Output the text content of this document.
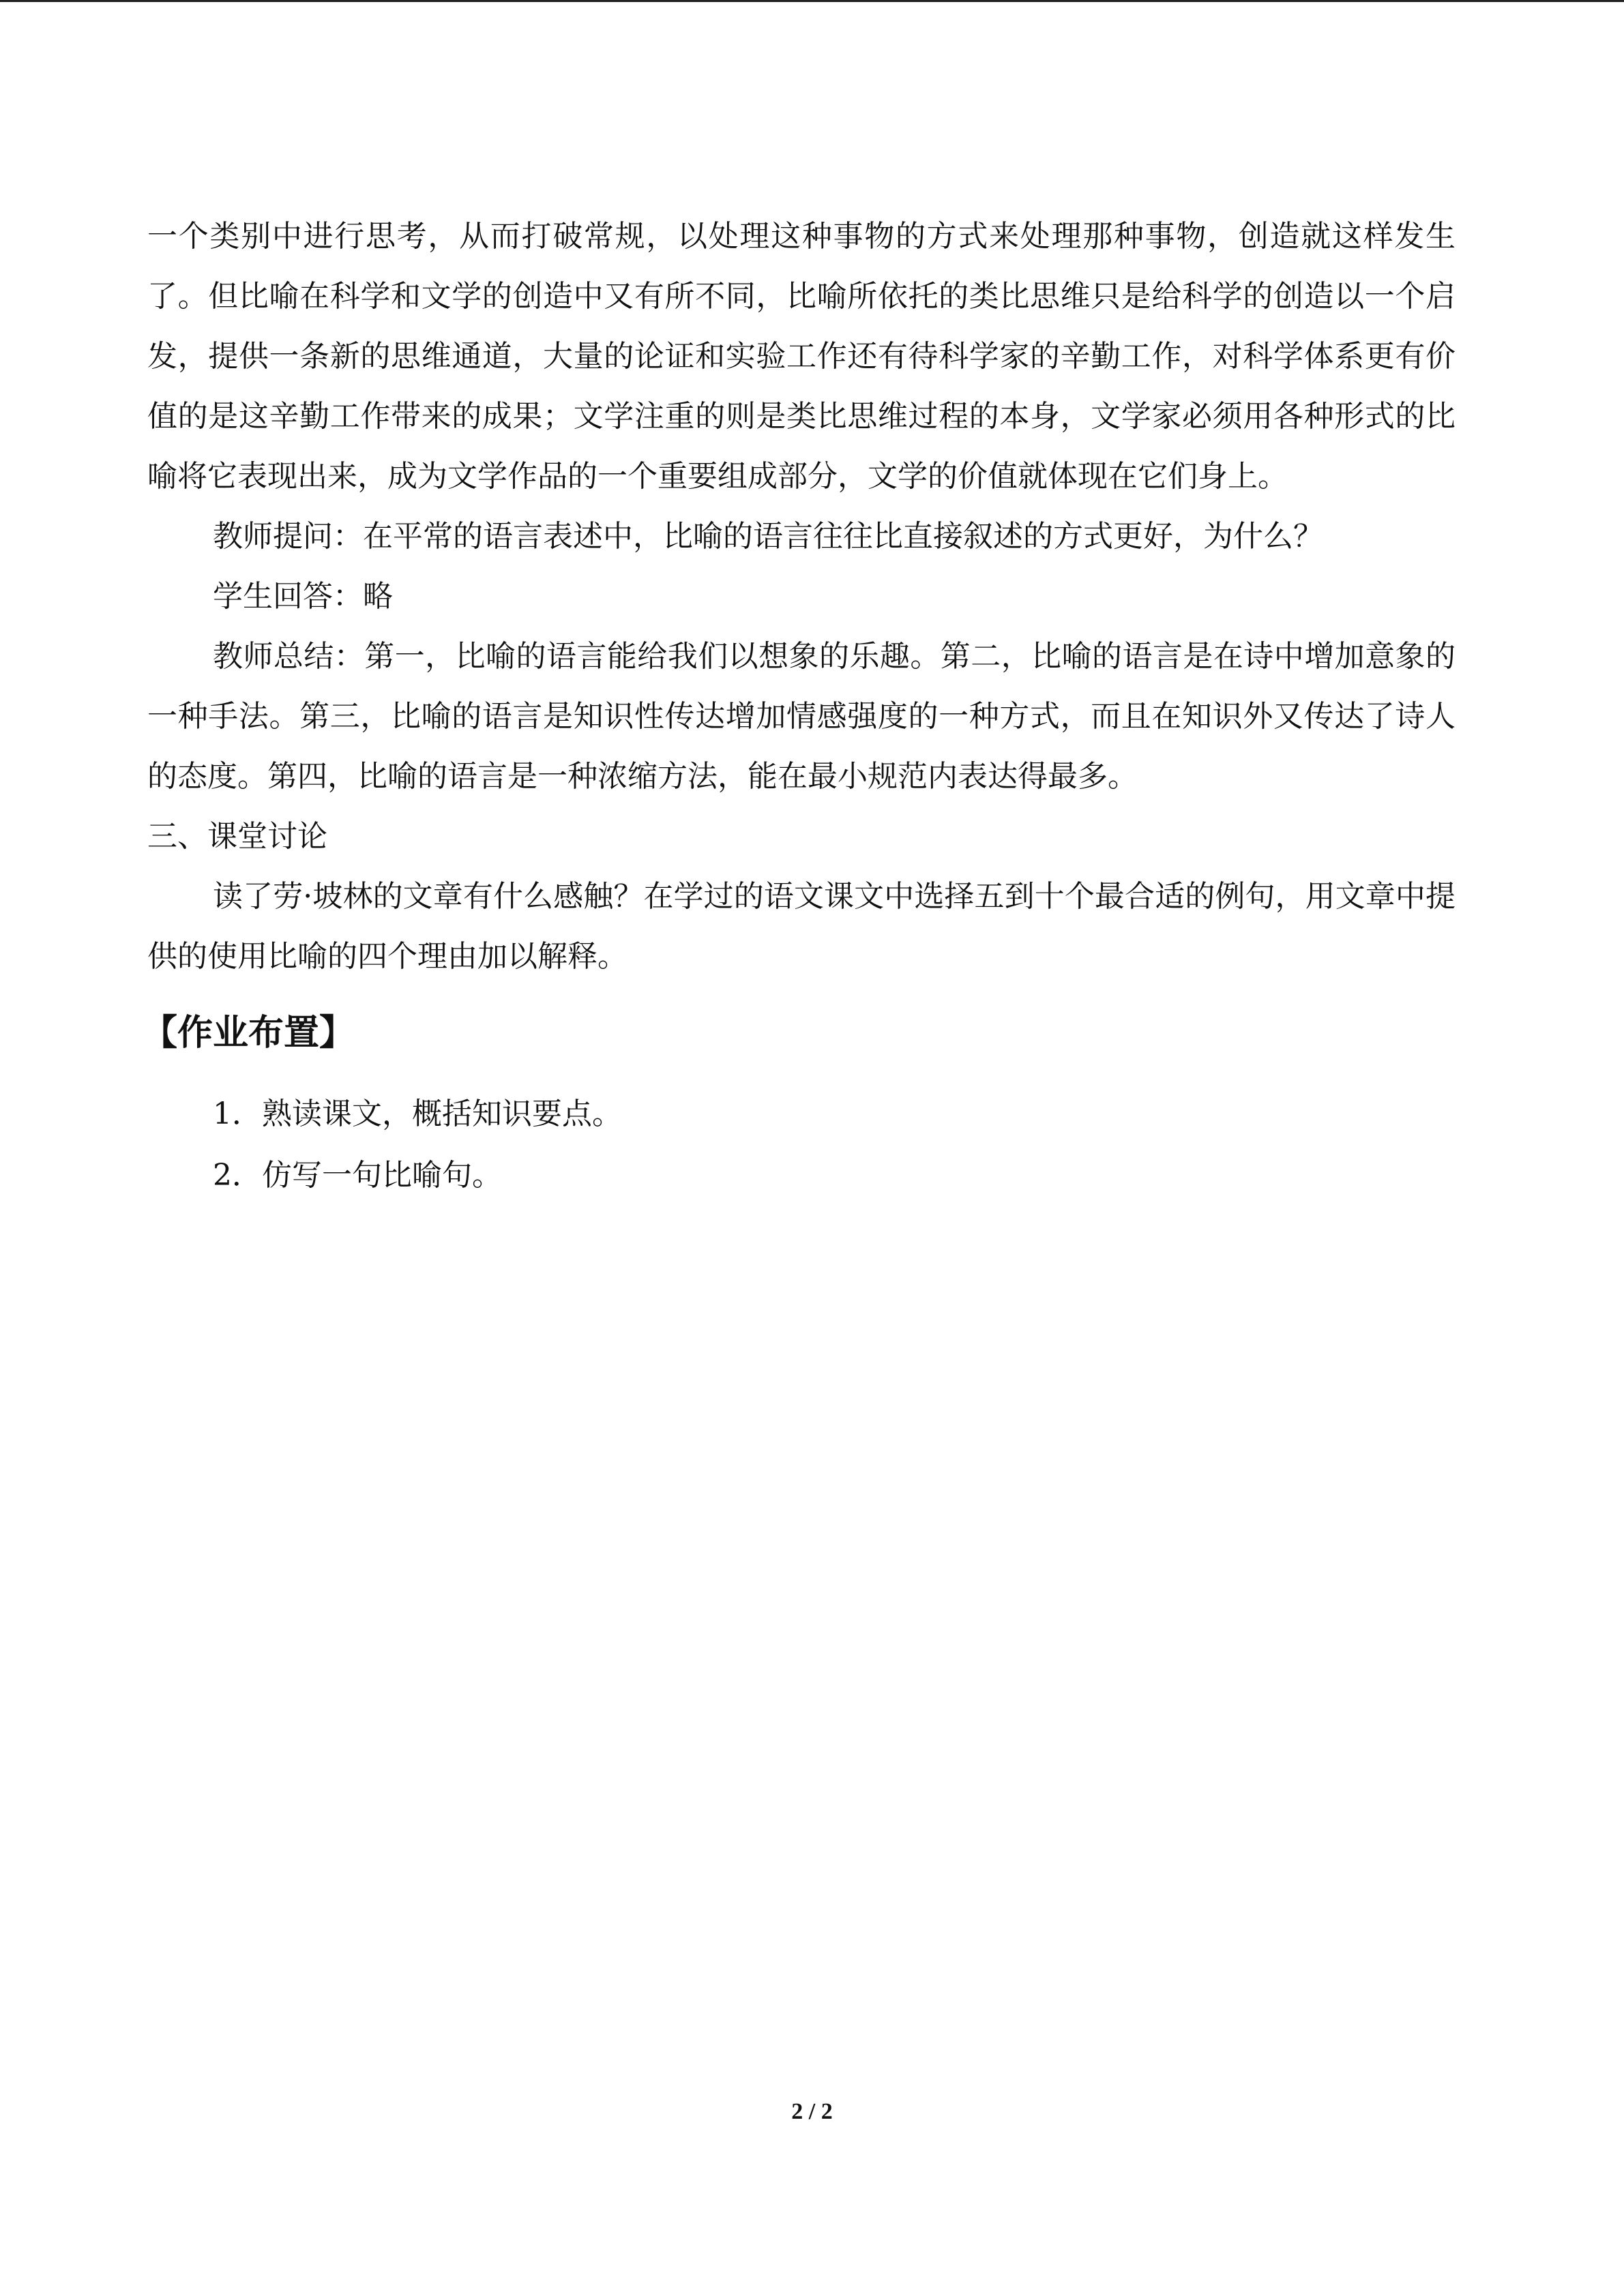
一个类别中进行思考，从而打破常规，以处理这种事物的方式来处理那种事物，创造就这样发生了。但比喻在科学和文学的创造中又有所不同，比喻所依托的类比思维只是给科学的创造以一个启发，提供一条新的思维通道，大量的论证和实验工作还有待科学家的辛勤工作，对科学体系更有价值的是这辛勤工作带来的成果；文学注重的则是类比思维过程的本身，文学家必须用各种形式的比喻将它表现出来，成为文学作品的一个重要组成部分，文学的价值就体现在它们身上。

教师提问：在平常的语言表述中，比喻的语言往往比直接叙述的方式更好，为什么？

学生回答：略

教师总结：第一，比喻的语言能给我们以想象的乐趣。第二，比喻的语言是在诗中增加意象的一种手法。第三，比喻的语言是知识性传达增加情感强度的一种方式，而且在知识外又传达了诗人的态度。第四，比喻的语言是一种浓缩方法，能在最小规范内表达得最多。

三、课堂讨论

读了劳·坡林的文章有什么感触？在学过的语文课文中选择五到十个最合适的例句，用文章中提供的使用比喻的四个理由加以解释。

【作业布置】

1．熟读课文，概括知识要点。

2．仿写一句比喻句。

2 / 2
